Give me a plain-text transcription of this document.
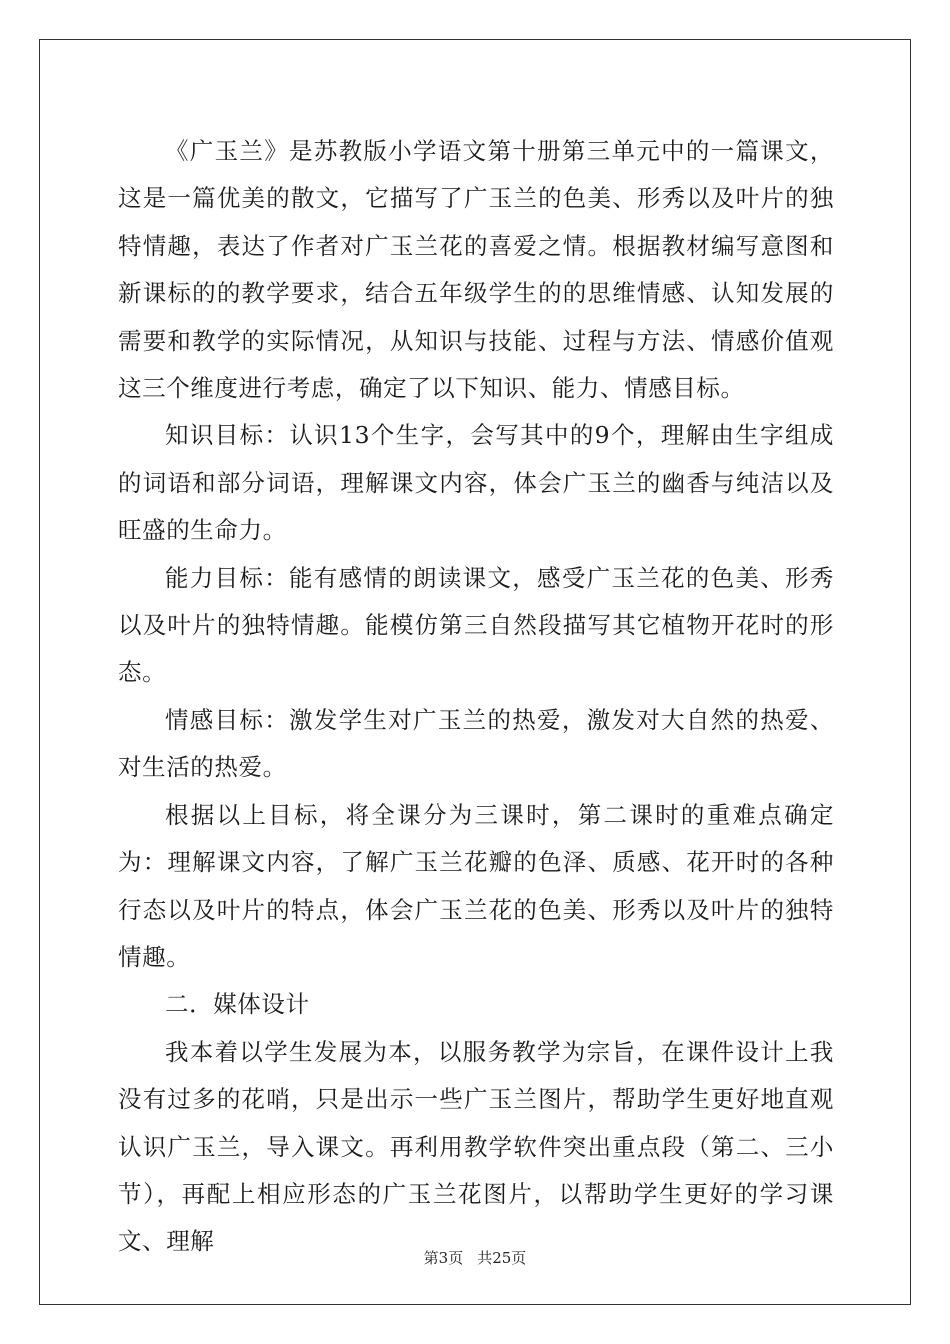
《广玉兰》是苏教版小学语文第十册第三单元中的一篇课文，这是一篇优美的散文，它描写了广玉兰的色美、形秀以及叶片的独特情趣，表达了作者对广玉兰花的喜爱之情。根据教材编写意图和新课标的的教学要求，结合五年级学生的的思维情感、认知发展的需要和教学的实际情况，从知识与技能、过程与方法、情感价值观这三个维度进行考虑，确定了以下知识、能力、情感目标。

知识目标：认识13个生字，会写其中的9个，理解由生字组成的词语和部分词语，理解课文内容，体会广玉兰的幽香与纯洁以及旺盛的生命力。

能力目标：能有感情的朗读课文，感受广玉兰花的色美、形秀以及叶片的独特情趣。能模仿第三自然段描写其它植物开花时的形态。

情感目标：激发学生对广玉兰的热爱，激发对大自然的热爱、对生活的热爱。

根据以上目标，将全课分为三课时，第二课时的重难点确定为：理解课文内容，了解广玉兰花瓣的色泽、质感、花开时的各种行态以及叶片的特点，体会广玉兰花的色美、形秀以及叶片的独特情趣。

二．媒体设计

我本着以学生发展为本，以服务教学为宗旨，在课件设计上我没有过多的花哨，只是出示一些广玉兰图片，帮助学生更好地直观认识广玉兰，导入课文。再利用教学软件突出重点段（第二、三小节），再配上相应形态的广玉兰花图片，以帮助学生更好的学习课文、理解

第3页 共25页
